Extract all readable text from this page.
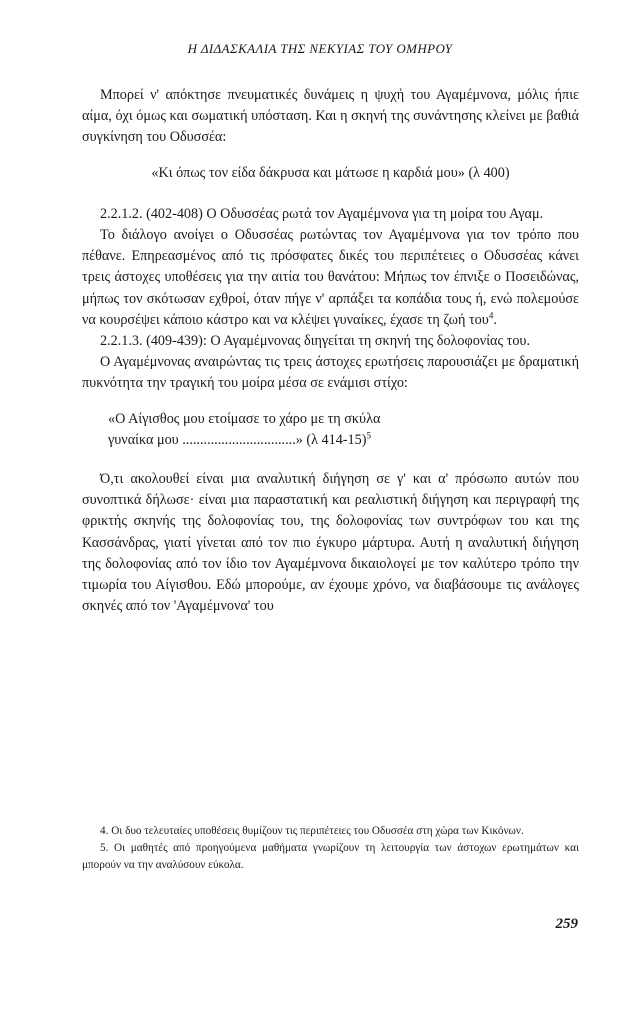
Η ΔΙΔΑΣΚΑΛΙΑ ΤΗΣ ΝΕΚΥΙΑΣ ΤΟΥ ΟΜΗΡΟΥ

Μπορεί ν' απόκτησε πνευματικές δυνάμεις η ψυχή του Αγαμέμνονα, μόλις ήπιε αίμα, όχι όμως και σωματική υπόσταση. Και η σκηνή της συνάντησης κλείνει με βαθιά συγκίνηση του Οδυσσέα:

«Κι όπως τον είδα δάκρυσα και μάτωσε η καρδιά μου» (λ 400)

2.2.1.2. (402-408) Ο Οδυσσέας ρωτά τον Αγαμέμνονα για τη μοίρα του Αγαμ.

Το διάλογο ανοίγει ο Οδυσσέας ρωτώντας τον Αγαμέμνονα για τον τρόπο που πέθανε. Επηρεασμένος από τις πρόσφατες δικές του περιπέτειες ο Οδυσσέας κάνει τρεις άστοχες υποθέσεις για την αιτία του θανάτου: Μήπως τον έπνιξε ο Ποσειδώνας, μήπως τον σκότωσαν εχθροί, όταν πήγε ν' αρπάξει τα κοπάδια τους ή, ενώ πολεμούσε να κουρσέψει κάποιο κάστρο και να κλέψει γυναίκες, έχασε τη ζωή του$^4$.

2.2.1.3. (409-439): Ο Αγαμέμνονας διηγείται τη σκηνή της δολοφονίας του.

Ο Αγαμέμνονας αναιρώντας τις τρεις άστοχες ερωτήσεις παρουσιάζει με δραματική πυκνότητα την τραγική του μοίρα μέσα σε ενάμισι στίχο:

«Ο Αίγισθος μου ετοίμασε το χάρο με τη σκύλα
γυναίκα μου ................................» (λ 414-15)$^5$

Ό,τι ακολουθεί είναι μια αναλυτική διήγηση σε γ' και α' πρόσωπο αυτών που συνοπτικά δήλωσε· είναι μια παραστατική και ρεαλιστική διήγηση και περιγραφή της φρικτής σκηνής της δολοφονίας του, της δολοφονίας των συντρόφων του και της Κασσάνδρας, γιατί γίνεται από τον πιο έγκυρο μάρτυρα. Αυτή η αναλυτική διήγηση της δολοφονίας από τον ίδιο τον Αγαμέμνονα δικαιολογεί με τον καλύτερο τρόπο την τιμωρία του Αίγισθου. Εδώ μπορούμε, αν έχουμε χρόνο, να διαβάσουμε τις ανάλογες σκηνές από τον 'Αγαμέμνονα' του

4. Οι δυο τελευταίες υποθέσεις θυμίζουν τις περιπέτειες του Οδυσσέα στη χώρα των Κικόνων.

5. Οι μαθητές από προηγούμενα μαθήματα γνωρίζουν τη λειτουργία των άστοχων ερωτημάτων και μπορούν να την αναλύσουν εύκολα.

259
